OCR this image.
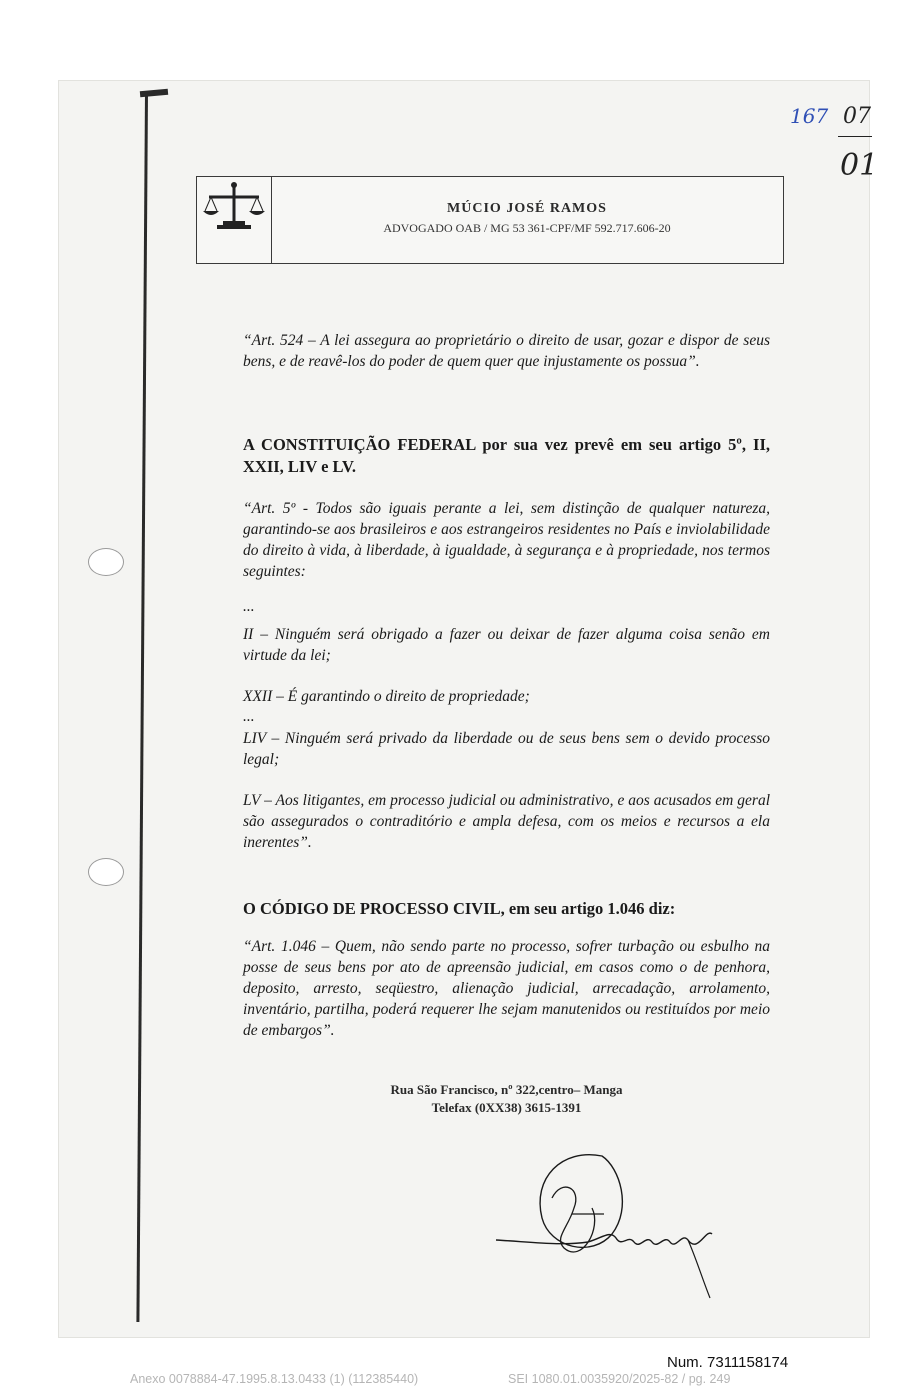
167 07
01
MÚCIO JOSÉ RAMOS
ADVOGADO OAB / MG 53 361-CPF/MF 592.717.606-20
“Art. 524 – A lei assegura ao proprietário o direito de usar, gozar e dispor de seus bens, e de reavê-los do poder de quem quer que injustamente os possua”.
A CONSTITUIÇÃO FEDERAL por sua vez prevê em seu artigo 5º, II, XXII, LIV e LV.
“Art. 5º - Todos são iguais perante a lei, sem distinção de qualquer natureza, garantindo-se aos brasileiros e aos estrangeiros residentes no País e inviolabilidade do direito à vida, à liberdade, à igualdade, à segurança e à propriedade, nos termos seguintes:
...
II – Ninguém será obrigado a fazer ou deixar de fazer alguma coisa senão em virtude da lei;
XXII – É garantindo o direito de propriedade;
...
LIV – Ninguém será privado da liberdade ou de seus bens sem o devido processo legal;
LV – Aos litigantes, em processo judicial ou administrativo, e aos acusados em geral são assegurados o contraditório e ampla defesa, com os meios e recursos a ela inerentes”.
O CÓDIGO DE PROCESSO CIVIL, em seu artigo 1.046 diz:
“Art. 1.046 – Quem, não sendo parte no processo, sofrer turbação ou esbulho na posse de seus bens por ato de apreensão judicial, em casos como o de penhora, deposito, arresto, seqüestro, alienação judicial, arrecadação, arrolamento, inventário, partilha, poderá requerer lhe sejam manutenidos ou restituídos por meio de embargos”.
Rua São Francisco, nº 322,centro– Manga
Telefax (0XX38) 3615-1391
Num. 7311158174
Anexo 0078884-47.1995.8.13.0433 (1) (112385440)	SEI 1080.01.0035920/2025-82 / pg. 249
